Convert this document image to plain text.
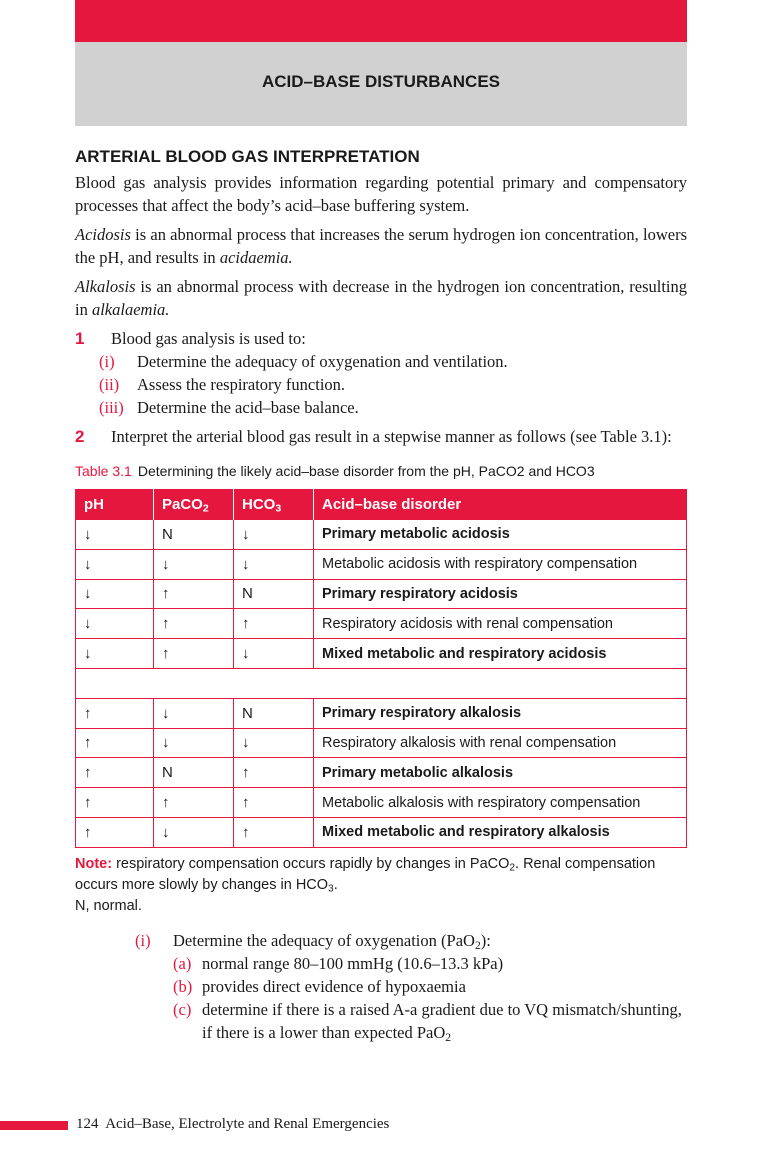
ACID–BASE DISTURBANCES
ARTERIAL BLOOD GAS INTERPRETATION

Blood gas analysis provides information regarding potential primary and compensatory processes that affect the body’s acid–base buffering system.

Acidosis is an abnormal process that increases the serum hydrogen ion concentration, lowers the pH, and results in acidaemia.

Alkalosis is an abnormal process with decrease in the hydrogen ion concentration, resulting in alkalaemia.

1 Blood gas analysis is used to:
(i)	Determine the adequacy of oxygenation and ventilation.
(ii)	Assess the respiratory function.
(iii) Determine the acid–base balance.
2 Interpret the arterial blood gas result in a stepwise manner as follows (see Table 3.1):
Table 3.1 Determining the likely acid–base disorder from the pH, PaCO2 and HCO3
pH	PaCO$_2$	$HCO_3$	Acid–base disorder
↓	N	↓	Primary metabolic acidosis
↓	↓	↓	Metabolic acidosis with respiratory compensation
↓	↑	N	Primary respiratory acidosis
↓	↑	↑	Respiratory acidosis with renal compensation
↓	↑	↓	Mixed metabolic and respiratory acidosis

↑	↓	N	Primary respiratory alkalosis
↑	↓	↓	Respiratory alkalosis with renal compensation
↑	N	↑	Primary metabolic alkalosis
↑	↑	↑	Metabolic alkalosis with respiratory compensation
↑	↓	↑	Mixed metabolic and respiratory alkalosis
Note: respiratory compensation occurs rapidly by changes in PaCO$_2$. Renal compensation occurs more slowly by changes in $HCO_3$.
N, normal.
(i) Determine the adequacy of oxygenation (PaO$_2$):
(a) normal range 80–100 mmHg (10.6–13.3 kPa)
(b) provides direct evidence of hypoxaemia
(c) determine if there is a raised A-a gradient due to VQ mismatch/shunting, if there is a lower than expected PaO$_2$
124 Acid–Base, Electrolyte and Renal Emergencies
